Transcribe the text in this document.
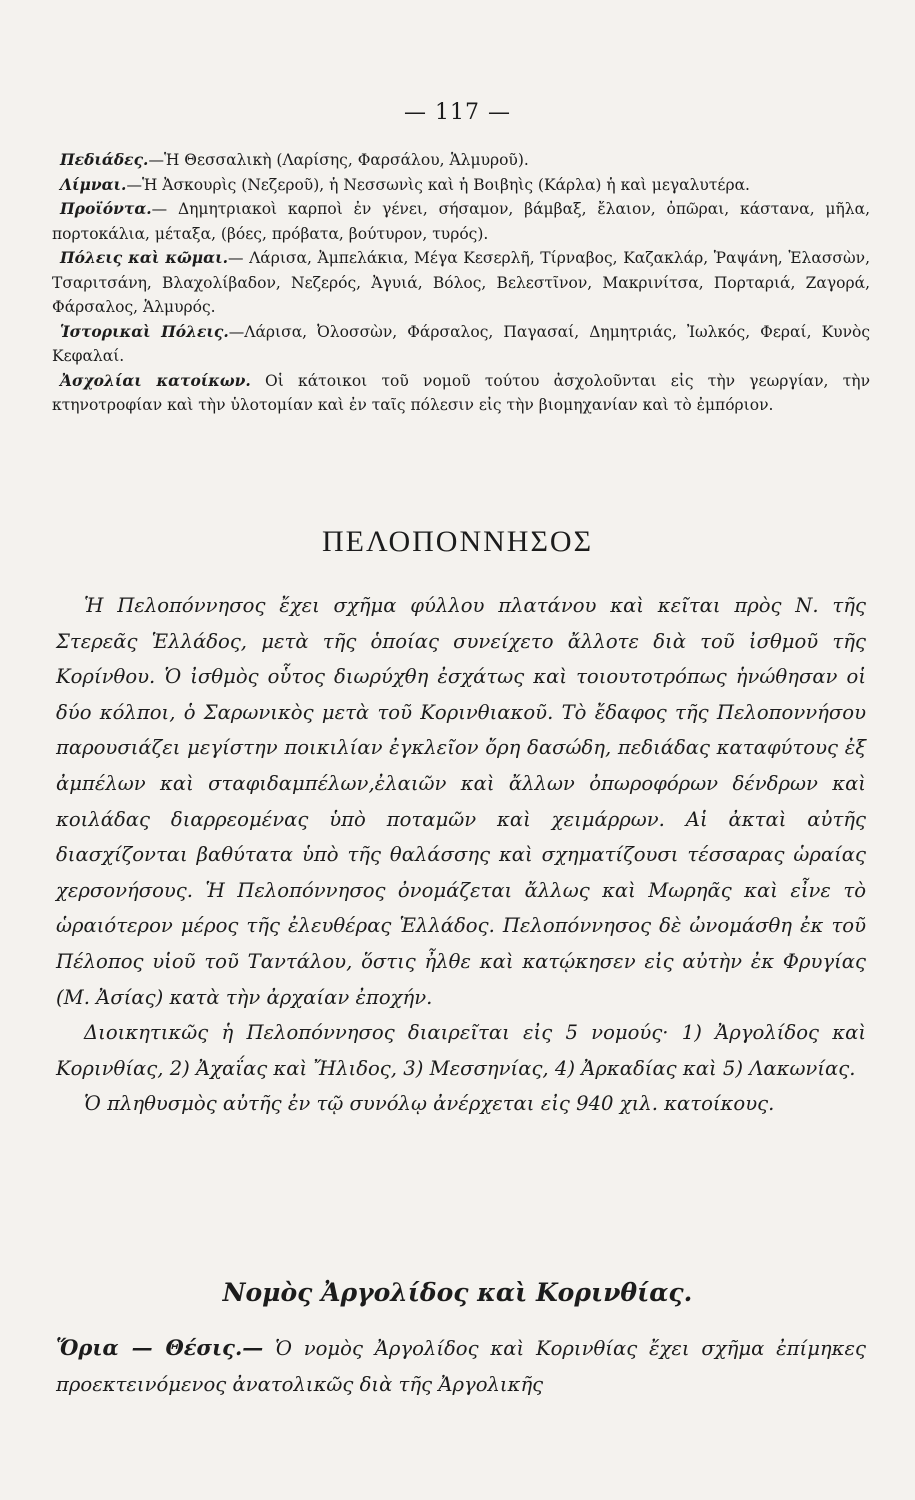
— 117 —

Πεδιάδες.—Ἡ Θεσσαλικὴ (Λαρίσης, Φαρσάλου, Ἁλμυροῦ).

Λίμναι.—Ἡ Ἀσκουρὶς (Νεζεροῦ), ἡ Νεσσωνὶς καὶ ἡ Βοιβηὶς (Κάρλα) ἡ καὶ μεγαλυτέρα.

Προϊόντα.— Δημητριακοὶ καρποὶ ἐν γένει, σήσαμον, βάμβαξ, ἔλαιον, ὀπῶραι, κάστανα, μῆλα, πορτοκάλια, μέταξα, (βόες, πρόβατα, βούτυρον, τυρός).

Πόλεις καὶ κῶμαι.— Λάρισα, Ἀμπελάκια, Μέγα Κεσερλῆ, Τίρναβος, Καζακλάρ, Ῥαψάνη, Ἐλασσὼν, Τσαριτσάνη, Βλαχολίβαδον, Νεζερός, Ἀγυιά, Βόλος, Βελεστῖνον, Μακρινίτσα, Πορταριά, Ζαγορά, Φάρσαλος, Ἁλμυρός.

Ἱστορικαὶ Πόλεις.—Λάρισα, Ὀλοσσὼν, Φάρσαλος, Παγασαί, Δημητριάς, Ἰωλκός, Φεραί, Κυνὸς Κεφαλαί.

Ἀσχολίαι κατοίκων. Οἱ κάτοικοι τοῦ νομοῦ τούτου ἀσχολοῦνται εἰς τὴν γεωργίαν, τὴν κτηνοτροφίαν καὶ τὴν ὑλοτομίαν καὶ ἐν ταῖς πόλεσιν εἰς τὴν βιομηχανίαν καὶ τὸ ἐμπόριον.

ΠΕΛΟΠΟΝΝΗΣΟΣ

Ἡ Πελοπόννησος ἔχει σχῆμα φύλλου πλατάνου καὶ κεῖται πρὸς Ν. τῆς Στερεᾶς Ἑλλάδος, μετὰ τῆς ὁποίας συνείχετο ἄλλοτε διὰ τοῦ ἰσθμοῦ τῆς Κορίνθου. Ὁ ἰσθμὸς οὗτος διωρύχθη ἐσχάτως καὶ τοιουτοτρόπως ἡνώθησαν οἱ δύο κόλποι, ὁ Σαρωνικὸς μετὰ τοῦ Κορινθιακοῦ. Τὸ ἔδαφος τῆς Πελοποννήσου παρουσιάζει μεγίστην ποικιλίαν ἐγκλεῖον ὄρη δασώδη, πεδιάδας καταφύτους ἐξ ἀμπέλων καὶ σταφιδαμπέλων,ἐλαιῶν καὶ ἄλλων ὀπωροφόρων δένδρων καὶ κοιλάδας διαρρεομένας ὑπὸ ποταμῶν καὶ χειμάρρων. Αἱ ἀκταὶ αὐτῆς διασχίζονται βαθύτατα ὑπὸ τῆς θαλάσσης καὶ σχηματίζουσι τέσσαρας ὡραίας χερσονήσους. Ἡ Πελοπόννησος ὀνομάζεται ἄλλως καὶ Μωρηᾶς καὶ εἶνε τὸ ὡραιότερον μέρος τῆς ἐλευθέρας Ἑλλάδος. Πελοπόννησος δὲ ὠνομάσθη ἐκ τοῦ Πέλοπος υἱοῦ τοῦ Ταντάλου, ὅστις ἦλθε καὶ κατῴκησεν εἰς αὐτὴν ἐκ Φρυγίας (Μ. Ἀσίας) κατὰ τὴν ἀρχαίαν ἐποχήν.

Διοικητικῶς ἡ Πελοπόννησος διαιρεῖται εἰς 5 νομούς· 1) Ἀργολίδος καὶ Κορινθίας, 2) Ἀχαΐας καὶ Ἤλιδος, 3) Μεσσηνίας, 4) Ἀρκαδίας καὶ 5) Λακωνίας.

Ὁ πληθυσμὸς αὐτῆς ἐν τῷ συνόλῳ ἀνέρχεται εἰς 940 χιλ. κατοίκους.

Νομὸς Ἀργολίδος καὶ Κορινθίας.

Ὅρια — Θέσις.— Ὁ νομὸς Ἀργολίδος καὶ Κορινθίας ἔχει σχῆμα ἐπίμηκες προεκτεινόμενος ἀνατολικῶς διὰ τῆς Ἀργολικῆς
